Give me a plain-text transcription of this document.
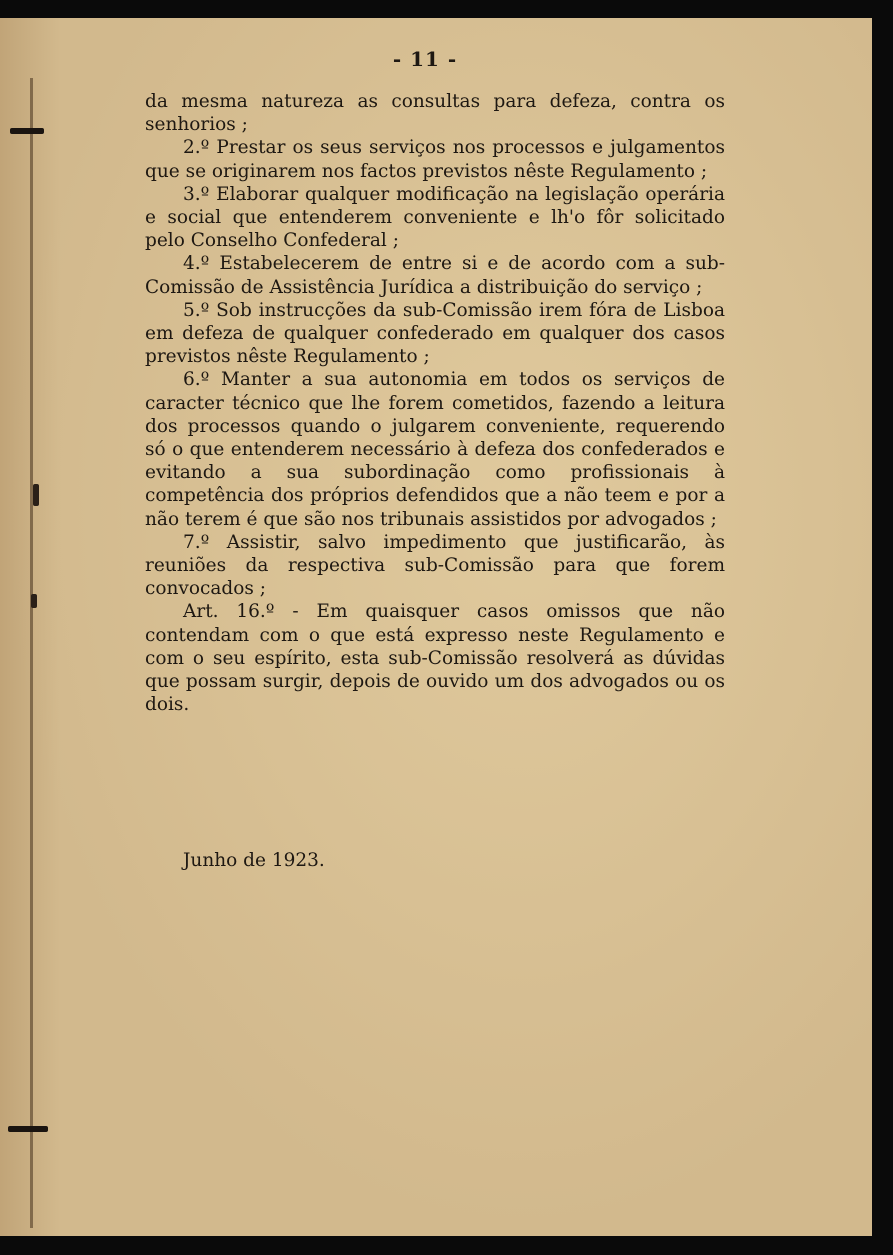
- 11 -

da mesma natureza as consultas para defeza, contra os senhorios ;

2.º Prestar os seus serviços nos processos e julgamentos que se originarem nos factos previstos nêste Regulamento ;

3.º Elaborar qualquer modificação na legislação operária e social que entenderem conveniente e lh'o fôr solicitado pelo Conselho Confederal ;

4.º Estabelecerem de entre si e de acordo com a sub-Comissão de Assistência Jurídica a distribuição do serviço ;

5.º Sob instrucções da sub-Comissão irem fóra de Lisboa em defeza de qualquer confederado em qualquer dos casos previstos nêste Regulamento ;

6.º Manter a sua autonomia em todos os serviços de caracter técnico que lhe forem cometidos, fazendo a leitura dos processos quando o julgarem conveniente, requerendo só o que entenderem necessário à defeza dos confederados e evitando a sua subordinação como profissionais à competência dos próprios defendidos que a não teem e por a não terem é que são nos tribunais assistidos por advogados ;

7.º Assistir, salvo impedimento que justificarão, às reuniões da respectiva sub-Comissão para que forem convocados ;

Art. 16.º - Em quaisquer casos omissos que não contendam com o que está expresso neste Regulamento e com o seu espírito, esta sub-Comissão resolverá as dúvidas que possam surgir, depois de ouvido um dos advogados ou os dois.

Junho de 1923.
